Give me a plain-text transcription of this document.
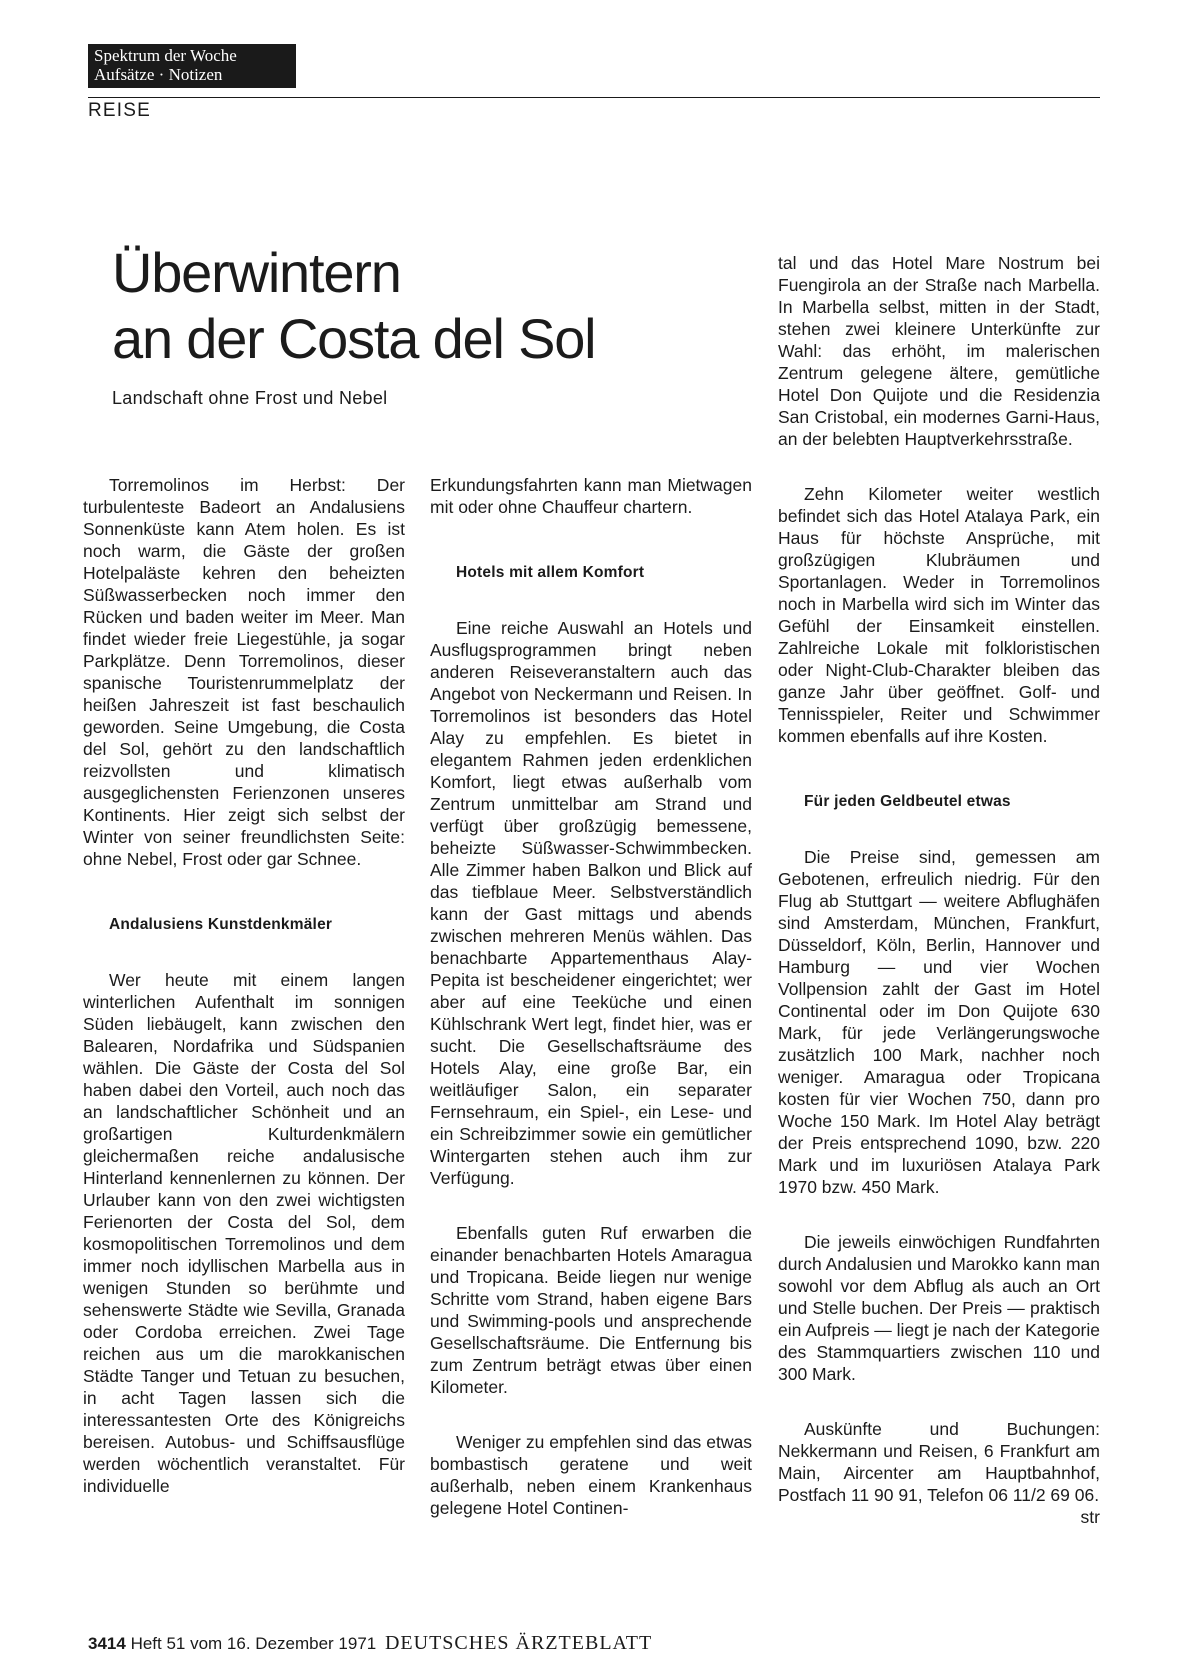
Spektrum der Woche
Aufsätze · Notizen
REISE
Überwintern
an der Costa del Sol
Landschaft ohne Frost und Nebel

Torremolinos im Herbst: Der turbulenteste Badeort an Andalusiens Sonnenküste kann Atem holen. Es ist noch warm, die Gäste der großen Hotelpaläste kehren den beheizten Süßwasserbecken noch immer den Rücken und baden weiter im Meer. Man findet wieder freie Liegestühle, ja sogar Parkplätze. Denn Torremolinos, dieser spanische Touristenrummelplatz der heißen Jahreszeit ist fast beschaulich geworden. Seine Umgebung, die Costa del Sol, gehört zu den landschaftlich reizvollsten und klimatisch ausgeglichensten Ferienzonen unseres Kontinents. Hier zeigt sich selbst der Winter von seiner freundlichsten Seite: ohne Nebel, Frost oder gar Schnee.

Andalusiens Kunstdenkmäler

Wer heute mit einem langen winterlichen Aufenthalt im sonnigen Süden liebäugelt, kann zwischen den Balearen, Nordafrika und Südspanien wählen. Die Gäste der Costa del Sol haben dabei den Vorteil, auch noch das an landschaftlicher Schönheit und an großartigen Kulturdenkmälern gleichermaßen reiche andalusische Hinterland kennenlernen zu können. Der Urlauber kann von den zwei wichtigsten Ferienorten der Costa del Sol, dem kosmopolitischen Torremolinos und dem immer noch idyllischen Marbella aus in wenigen Stunden so berühmte und sehenswerte Städte wie Sevilla, Granada oder Cordoba erreichen. Zwei Tage reichen aus um die marokkanischen Städte Tanger und Tetuan zu besuchen, in acht Tagen lassen sich die interessantesten Orte des Königreichs bereisen. Autobus- und Schiffsausflüge werden wöchentlich veranstaltet. Für individuelle

Erkundungsfahrten kann man Mietwagen mit oder ohne Chauffeur chartern.

Hotels mit allem Komfort

Eine reiche Auswahl an Hotels und Ausflugsprogrammen bringt neben anderen Reiseveranstaltern auch das Angebot von Neckermann und Reisen. In Torremolinos ist besonders das Hotel Alay zu empfehlen. Es bietet in elegantem Rahmen jeden erdenklichen Komfort, liegt etwas außerhalb vom Zentrum unmittelbar am Strand und verfügt über großzügig bemessene, beheizte Süßwasser-Schwimmbecken. Alle Zimmer haben Balkon und Blick auf das tiefblaue Meer. Selbstverständlich kann der Gast mittags und abends zwischen mehreren Menüs wählen. Das benachbarte Appartementhaus Alay-Pepita ist bescheidener eingerichtet; wer aber auf eine Teeküche und einen Kühlschrank Wert legt, findet hier, was er sucht. Die Gesellschaftsräume des Hotels Alay, eine große Bar, ein weitläufiger Salon, ein separater Fernsehraum, ein Spiel-, ein Lese- und ein Schreibzimmer sowie ein gemütlicher Wintergarten stehen auch ihm zur Verfügung.

Ebenfalls guten Ruf erwarben die einander benachbarten Hotels Amaragua und Tropicana. Beide liegen nur wenige Schritte vom Strand, haben eigene Bars und Swimming-pools und ansprechende Gesellschaftsräume. Die Entfernung bis zum Zentrum beträgt etwas über einen Kilometer.

Weniger zu empfehlen sind das etwas bombastisch geratene und weit außerhalb, neben einem Krankenhaus gelegene Hotel Continen-

tal und das Hotel Mare Nostrum bei Fuengirola an der Straße nach Marbella. In Marbella selbst, mitten in der Stadt, stehen zwei kleinere Unterkünfte zur Wahl: das erhöht, im malerischen Zentrum gelegene ältere, gemütliche Hotel Don Quijote und die Residenzia San Cristobal, ein modernes Garni-Haus, an der belebten Hauptverkehrsstraße.

Zehn Kilometer weiter westlich befindet sich das Hotel Atalaya Park, ein Haus für höchste Ansprüche, mit großzügigen Klubräumen und Sportanlagen. Weder in Torremolinos noch in Marbella wird sich im Winter das Gefühl der Einsamkeit einstellen. Zahlreiche Lokale mit folkloristischen oder Night-Club-Charakter bleiben das ganze Jahr über geöffnet. Golf- und Tennisspieler, Reiter und Schwimmer kommen ebenfalls auf ihre Kosten.

Für jeden Geldbeutel etwas

Die Preise sind, gemessen am Gebotenen, erfreulich niedrig. Für den Flug ab Stuttgart — weitere Abflughäfen sind Amsterdam, München, Frankfurt, Düsseldorf, Köln, Berlin, Hannover und Hamburg — und vier Wochen Vollpension zahlt der Gast im Hotel Continental oder im Don Quijote 630 Mark, für jede Verlängerungswoche zusätzlich 100 Mark, nachher noch weniger. Amaragua oder Tropicana kosten für vier Wochen 750, dann pro Woche 150 Mark. Im Hotel Alay beträgt der Preis entsprechend 1090, bzw. 220 Mark und im luxuriösen Atalaya Park 1970 bzw. 450 Mark.

Die jeweils einwöchigen Rundfahrten durch Andalusien und Marokko kann man sowohl vor dem Abflug als auch an Ort und Stelle buchen. Der Preis — praktisch ein Aufpreis — liegt je nach der Kategorie des Stammquartiers zwischen 110 und 300 Mark.

Auskünfte und Buchungen: Nekkermann und Reisen, 6 Frankfurt am Main, Aircenter am Hauptbahnhof, Postfach 11 90 91, Telefon 06 11/2 69 06.
str

3414 Heft 51 vom 16. Dezember 1971 DEUTSCHES ÄRZTEBLATT
